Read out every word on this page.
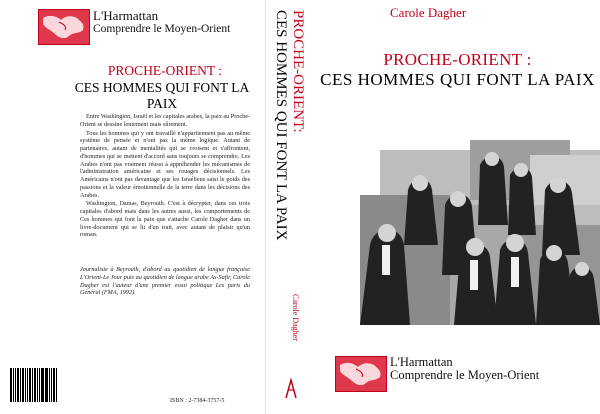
L'Harmattan
Comprendre le Moyen-Orient
PROCHE-ORIENT :
CES HOMMES QUI FONT LA PAIX

Entre Washington, Israël et les capitales arabes, la paix au Proche-Orient se dessine lentement mais sûrement.

Tous les hommes qui y ont travaillé n'appartiennent pas au même système de pensée et n'ont pas la même logique. Autant de partenaires, autant de mentalités qui se croisent et s'affrontent, d'hommes qui se mettent d'accord sans toujours se comprendre. Les Arabes n'ont pas vraiment réussi à appréhender les mécanismes de l'administration américaine et ses rouages décisionnels. Les Américains n'ont pas davantage que les Israéliens saisi le poids des passions et la valeur émotionnelle de la terre dans les décisions des Arabes.

Washington, Damas, Beyrouth. C'est à décrypter, dans ces trois capitales d'abord mais dans les autres aussi, les comportements de Ces hommes qui font la paix que s'attache Carole Dagher dans un livre-document qui se lit d'un trait, avec autant de plaisir qu'un roman.

Journaliste à Beyrouth, d'abord au quotidien de langue française L'Orient-Le Jour puis au quotidien de langue arabe As-Safir, Carole Dagher est l'auteur d'une premier essai politique Les paris du Général (FMA, 1992).
ISBN : 2-7384-3757-5
PROCHE-ORIENT:
CES HOMMES QUI FONT LA PAIX
Carole Dagher
Carole Dagher
PROCHE-ORIENT :
CES HOMMES QUI FONT LA PAIX
L'Harmattan
Comprendre le Moyen-Orient
